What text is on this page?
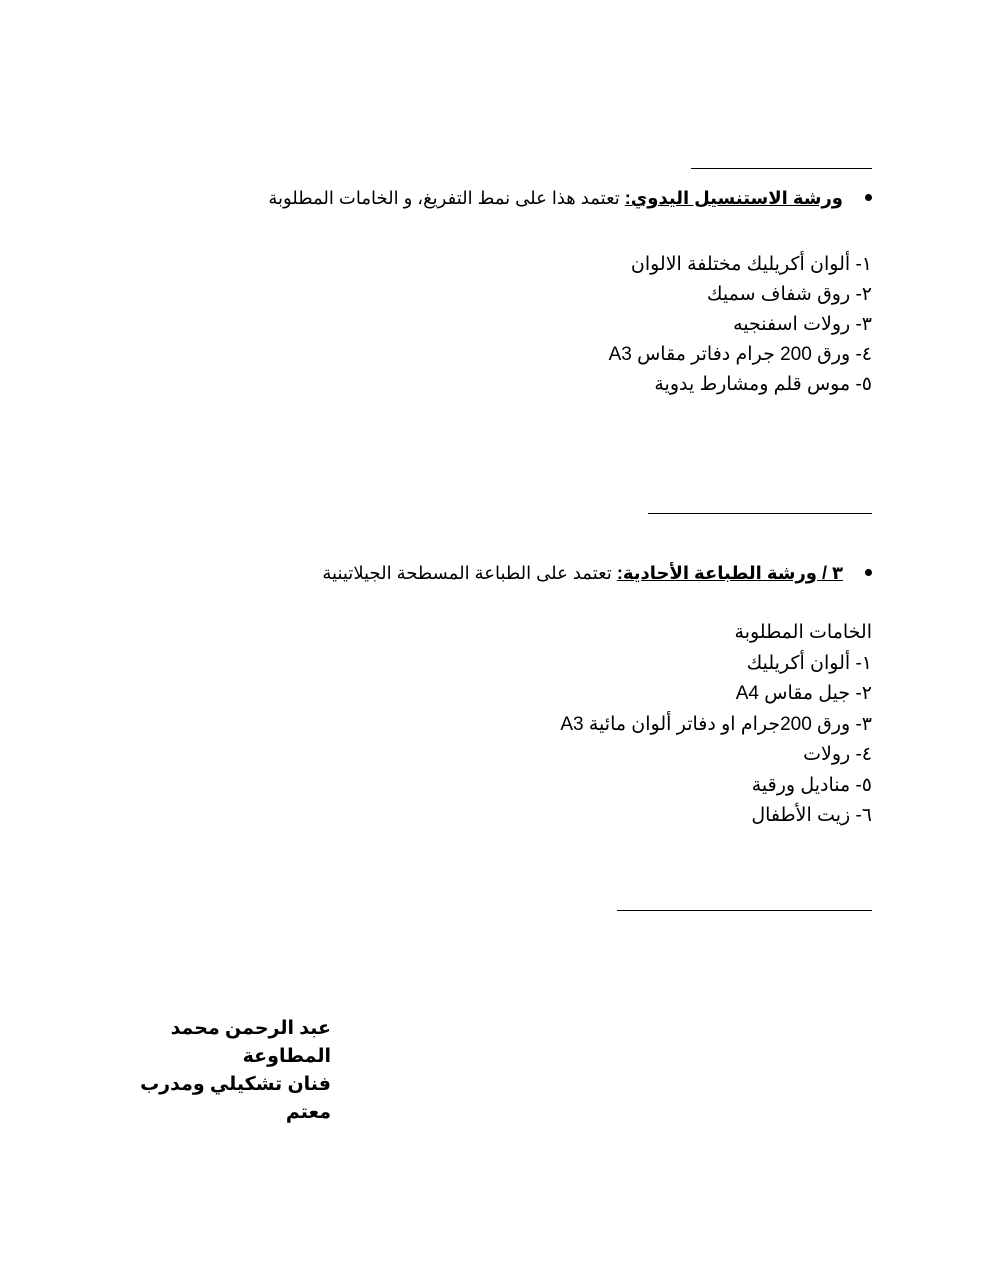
ورشة الاستنسيل اليدوي: تعتمد هذا على نمط التفريغ، و الخامات المطلوبة
١- ألوان أكريليك مختلفة الالوان
٢- روق شفاف سميك
٣- رولات اسفنجيه
٤- ورق 200 جرام دفاتر مقاس A3
٥- موس قلم ومشارط يدوية
٣ / ورشة الطباعة الأحادية: تعتمد على الطباعة المسطحة الجيلاتينية
الخامات المطلوبة
١- ألوان أكريليك
٢- جيل مقاس A4
٣- ورق 200جرام او دفاتر ألوان مائية A3
٤- رولات
٥- مناديل ورقية
٦- زيت الأطفال
عبد الرحمن محمد المطاوعة
فنان تشكيلي ومدرب معتم
